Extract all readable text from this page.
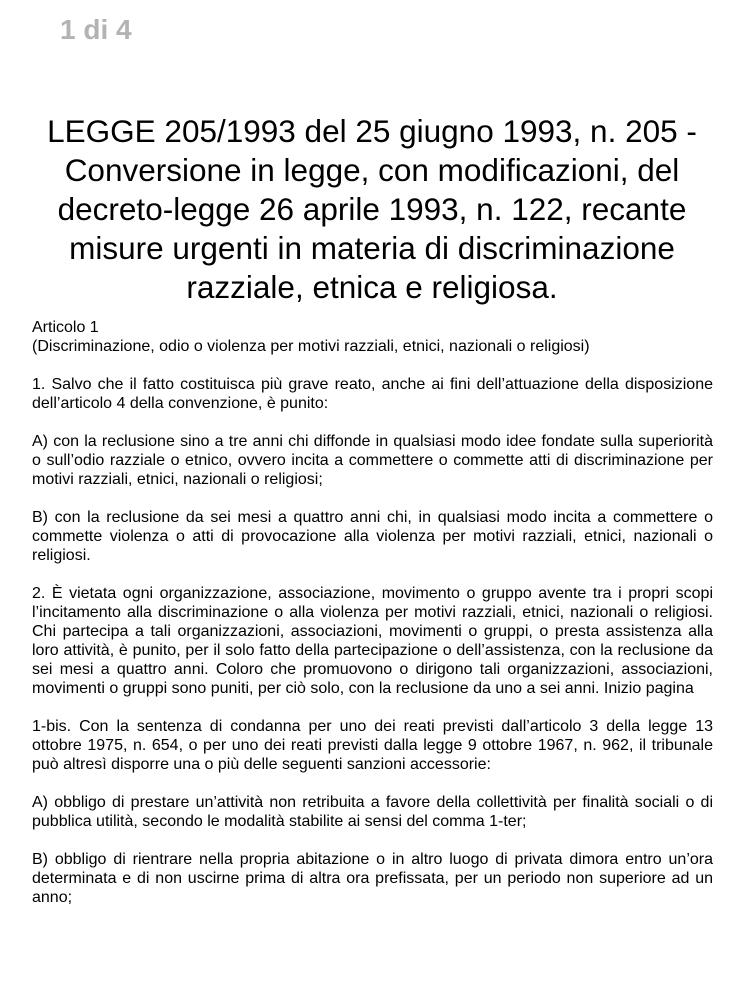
1 di 4
LEGGE 205/1993 del 25 giugno 1993, n. 205 - Conversione in legge, con modificazioni, del decreto-legge 26 aprile 1993, n. 122, recante misure urgenti in materia di discriminazione razziale, etnica e religiosa.

Articolo 1
(Discriminazione, odio o violenza per motivi razziali, etnici, nazionali o religiosi)

1. Salvo che il fatto costituisca più grave reato, anche ai fini dell’attuazione della disposizione dell’articolo 4 della convenzione, è punito:

A) con la reclusione sino a tre anni chi diffonde in qualsiasi modo idee fondate sulla superiorità o sull’odio razziale o etnico, ovvero incita a commettere o commette atti di discriminazione per motivi razziali, etnici, nazionali o religiosi;

B) con la reclusione da sei mesi a quattro anni chi, in qualsiasi modo incita a commettere o commette violenza o atti di provocazione alla violenza per motivi razziali, etnici, nazionali o religiosi.

2. È vietata ogni organizzazione, associazione, movimento o gruppo avente tra i propri scopi l’incitamento alla discriminazione o alla violenza per motivi razziali, etnici, nazionali o religiosi. Chi partecipa a tali organizzazioni, associazioni, movimenti o gruppi, o presta assistenza alla loro attività, è punito, per il solo fatto della partecipazione o dell’assistenza, con la reclusione da sei mesi a quattro anni. Coloro che promuovono o dirigono tali organizzazioni, associazioni, movimenti o gruppi sono puniti, per ciò solo, con la reclusione da uno a sei anni. Inizio pagina

1-bis. Con la sentenza di condanna per uno dei reati previsti dall’articolo 3 della legge 13 ottobre 1975, n. 654, o per uno dei reati previsti dalla legge 9 ottobre 1967, n. 962, il tribunale può altresì disporre una o più delle seguenti sanzioni accessorie:

A) obbligo di prestare un’attività non retribuita a favore della collettività per finalità sociali o di pubblica utilità, secondo le modalità stabilite ai sensi del comma 1-ter;

B) obbligo di rientrare nella propria abitazione o in altro luogo di privata dimora entro un’ora determinata e di non uscirne prima di altra ora prefissata, per un periodo non superiore ad un anno;
